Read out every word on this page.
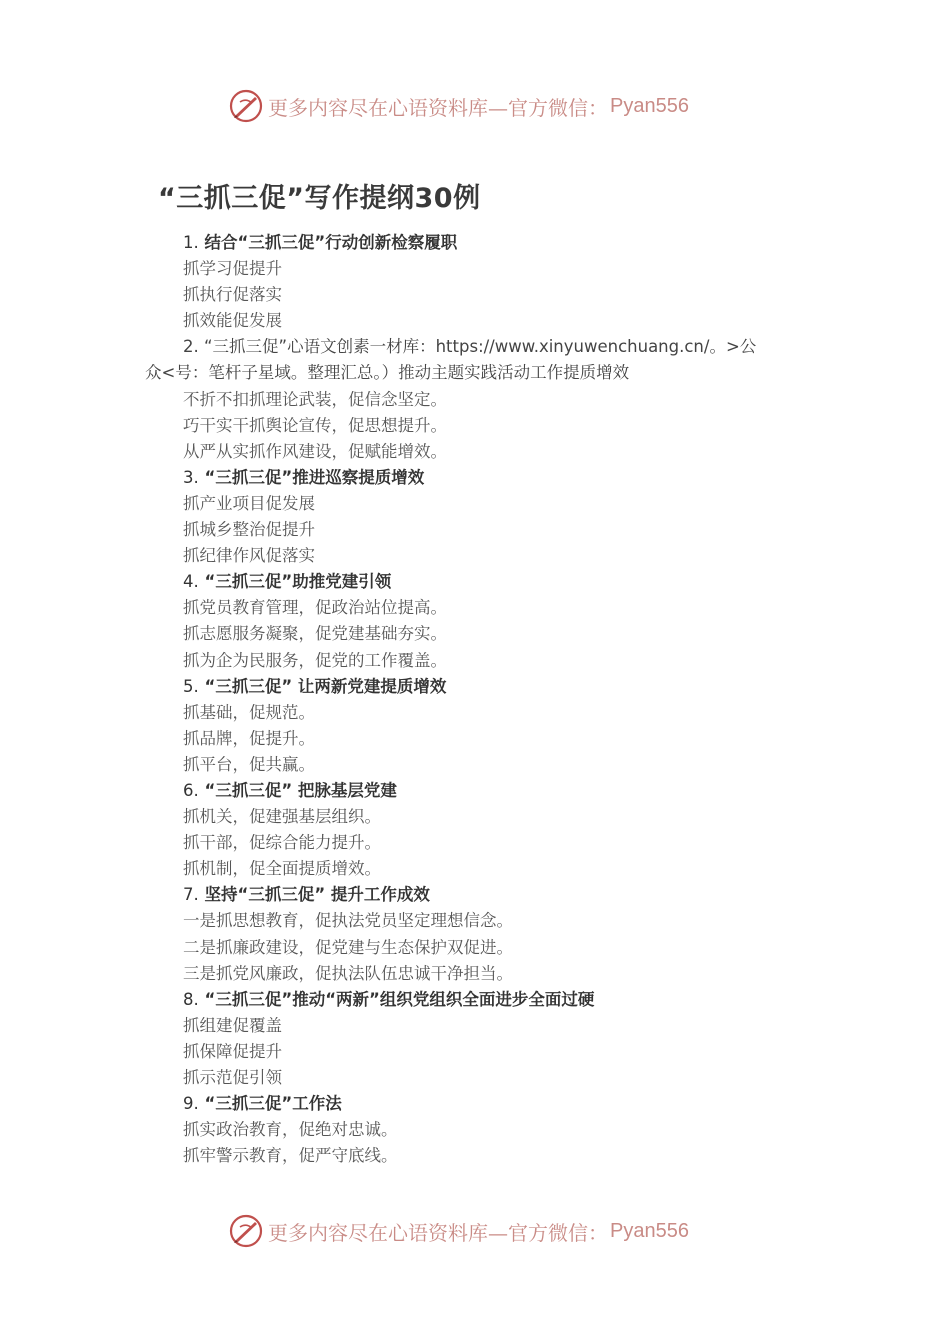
更多内容尽在心语资料库—官方微信： Pyan556
“三抓三促”写作提纲30例
1. 结合“三抓三促”行动创新检察履职
抓学习促提升
抓执行促落实
抓效能促发展
2. “三抓三促”心语文创素一材库：https://www.xinyuwenchuang.cn/。>公
众<号：笔杆子星域。整理汇总。）推动主题实践活动工作提质增效
不折不扣抓理论武装，促信念坚定。
巧干实干抓舆论宣传，促思想提升。
从严从实抓作风建设，促赋能增效。
3. “三抓三促”推进巡察提质增效
抓产业项目促发展
抓城乡整治促提升
抓纪律作风促落实
4. “三抓三促”助推党建引领
抓党员教育管理，促政治站位提高。
抓志愿服务凝聚，促党建基础夯实。
抓为企为民服务，促党的工作覆盖。
5. “三抓三促” 让两新党建提质增效
抓基础，促规范。
抓品牌，促提升。
抓平台，促共赢。
6. “三抓三促” 把脉基层党建
抓机关，促建强基层组织。
抓干部，促综合能力提升。
抓机制，促全面提质增效。
7. 坚持“三抓三促” 提升工作成效
一是抓思想教育，促执法党员坚定理想信念。
二是抓廉政建设，促党建与生态保护双促进。
三是抓党风廉政，促执法队伍忠诚干净担当。
8. “三抓三促”推动“两新”组织党组织全面进步全面过硬
抓组建促覆盖
抓保障促提升
抓示范促引领
9. “三抓三促”工作法
抓实政治教育，促绝对忠诚。
抓牢警示教育，促严守底线。
更多内容尽在心语资料库—官方微信： Pyan556
